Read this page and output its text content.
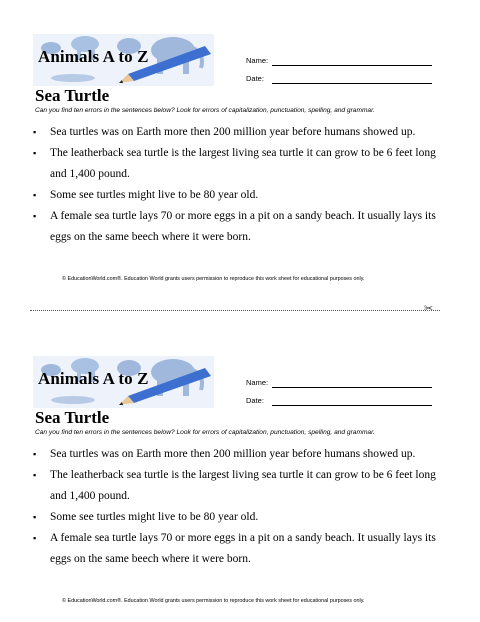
Animals A to Z	Name:
Date:
Sea Turtle
Can you find ten errors in the sentences below? Look for errors of capitalization, punctuation, spelling, and grammar.
▪ Sea turtles was on Earth more then 200 million year before humans showed up.
▪ The leatherback sea turtle is the largest living sea turtle it can grow to be 6 feet long and 1,400 pound.
▪ Some see turtles might live to be 80 year old.
▪ A female sea turtle lays 70 or more eggs in a pit on a sandy beach. It usually lays its eggs on the same beech where it were born.
© EducationWorld.com®. Education World grants users permission to reproduce this work sheet for educational purposes only.
✂
Animals A to Z	Name:
Date:
Sea Turtle
Can you find ten errors in the sentences below? Look for errors of capitalization, punctuation, spelling, and grammar.
▪ Sea turtles was on Earth more then 200 million year before humans showed up.
▪ The leatherback sea turtle is the largest living sea turtle it can grow to be 6 feet long and 1,400 pound.
▪ Some see turtles might live to be 80 year old.
▪ A female sea turtle lays 70 or more eggs in a pit on a sandy beach. It usually lays its eggs on the same beech where it were born.
© EducationWorld.com®. Education World grants users permission to reproduce this work sheet for educational purposes only.
